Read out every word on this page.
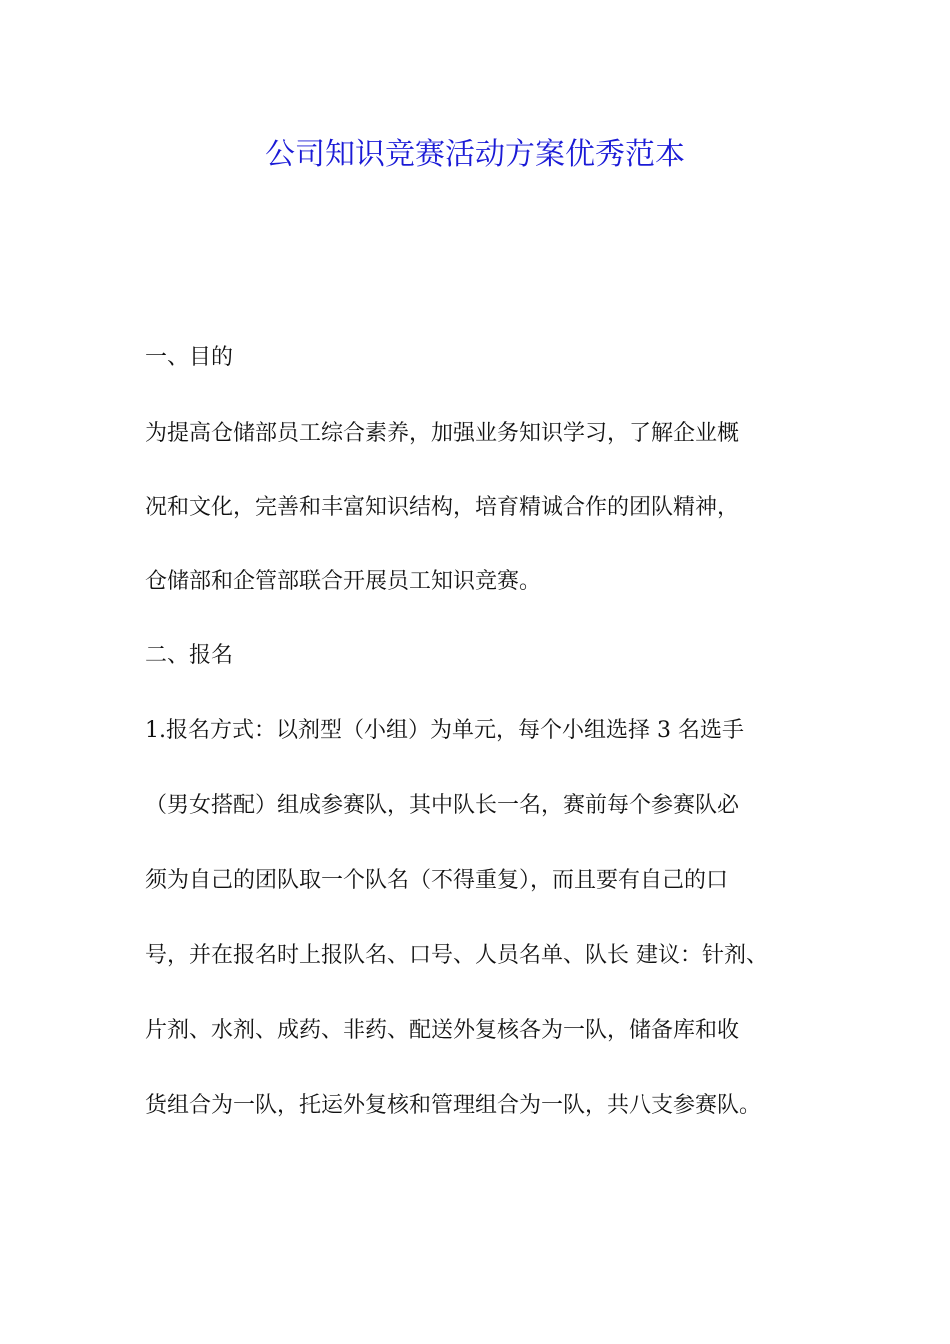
公司知识竞赛活动方案优秀范本
一、目的
为提高仓储部员工综合素养，加强业务知识学习，了解企业概
况和文化，完善和丰富知识结构，培育精诚合作的团队精神，
仓储部和企管部联合开展员工知识竞赛。
二、报名
1.报名方式：以剂型（小组）为单元，每个小组选择 3 名选手
（男女搭配）组成参赛队，其中队长一名，赛前每个参赛队必
须为自己的团队取一个队名（不得重复），而且要有自己的口
号，并在报名时上报队名、口号、人员名单、队长 建议：针剂、
片剂、水剂、成药、非药、配送外复核各为一队，储备库和收
货组合为一队，托运外复核和管理组合为一队，共八支参赛队。
